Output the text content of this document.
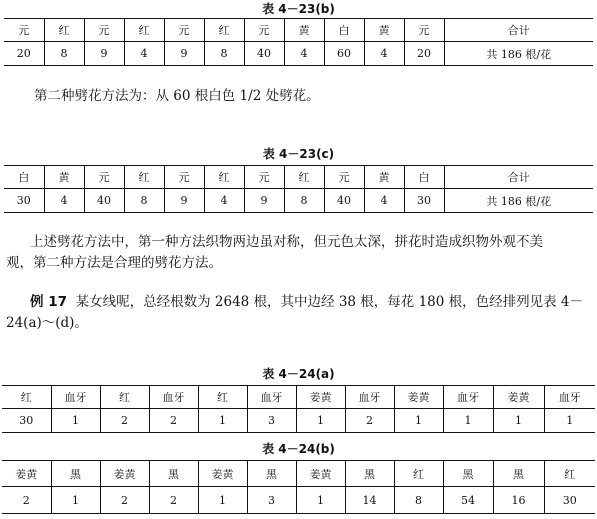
表 4－23(b)
元	红	元	红	元	红	元	黄	白	黄	元	合计
20	8	9	4	9	8	40	4	60	4	20	共 186 根/花
第二种劈花方法为：从 60 根白色 1/2 处劈花。
表 4－23(c)
白	黄	元	红	元	红	元	红	元	黄	白	合计
30	4	40	8	9	4	9	8	40	4	30	共 186 根/花
上述劈花方法中，第一种方法织物两边虽对称，但元色太深，拼花时造成织物外观不美
观，第二种方法是合理的劈花方法。
例 17 某女线呢，总经根数为 2648 根，其中边经 38 根，每花 180 根，色经排列见表 4－
24(a)～(d)。
表 4－24(a)
红	血牙	红	血牙	红	血牙	姜黄	血牙	姜黄	血牙	姜黄	血牙
30	1	2	2	1	3	1	2	1	1	1	1
表 4－24(b)
姜黄	黑	姜黄	黑	姜黄	黑	姜黄	黑	红	黑	黑	红
2	1	2	2	1	3	1	14	8	54	16	30
